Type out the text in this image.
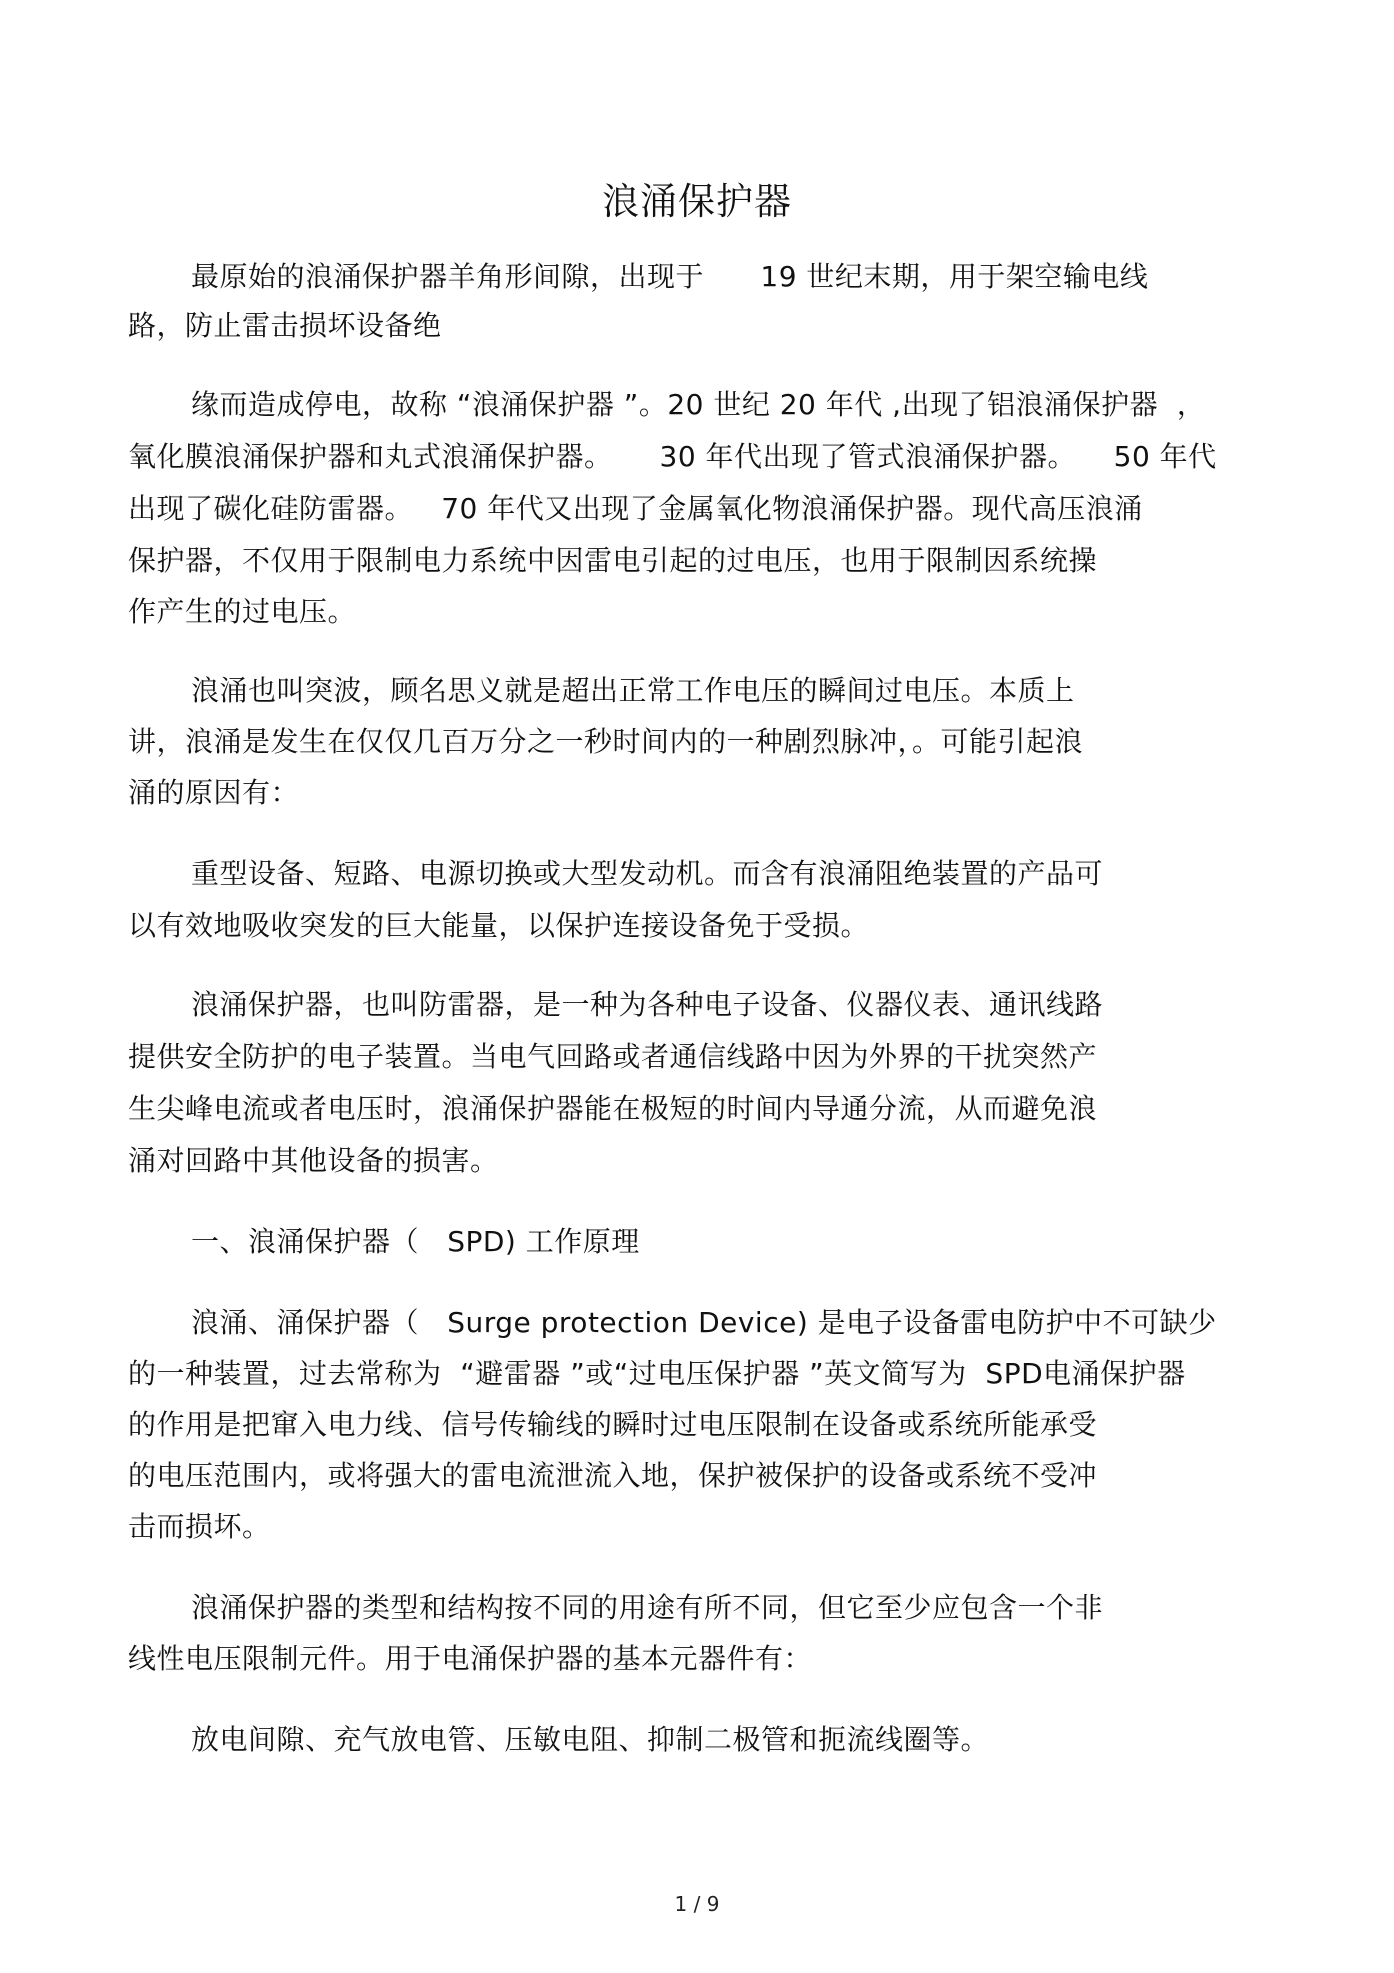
浪涌保护器
最原始的浪涌保护器羊角形间隙，出现于      19 世纪末期，用于架空输电线
路，防止雷击损坏设备绝
缘而造成停电，故称 “浪涌保护器 ”。20 世纪 20 年代 ,出现了铝浪涌保护器  ，
氧化膜浪涌保护器和丸式浪涌保护器。     30 年代出现了管式浪涌保护器。    50 年代
出现了碳化硅防雷器。   70 年代又出现了金属氧化物浪涌保护器。现代高压浪涌
保护器，不仅用于限制电力系统中因雷电引起的过电压，也用于限制因系统操
作产生的过电压。
浪涌也叫突波，顾名思义就是超出正常工作电压的瞬间过电压。本质上
讲，浪涌是发生在仅仅几百万分之一秒时间内的一种剧烈脉冲，。可能引起浪
涌的原因有：
重型设备、短路、电源切换或大型发动机。而含有浪涌阻绝装置的产品可
以有效地吸收突发的巨大能量，以保护连接设备免于受损。
浪涌保护器，也叫防雷器，是一种为各种电子设备、仪器仪表、通讯线路
提供安全防护的电子装置。当电气回路或者通信线路中因为外界的干扰突然产
生尖峰电流或者电压时，浪涌保护器能在极短的时间内导通分流，从而避免浪
涌对回路中其他设备的损害。
一、浪涌保护器（   SPD) 工作原理
浪涌、涌保护器（   Surge protection Device) 是电子设备雷电防护中不可缺少
的一种装置，过去常称为  “避雷器 ”或“过电压保护器 ”英文简写为  SPD电涌保护器
的作用是把窜入电力线、信号传输线的瞬时过电压限制在设备或系统所能承受
的电压范围内，或将强大的雷电流泄流入地，保护被保护的设备或系统不受冲
击而损坏。
浪涌保护器的类型和结构按不同的用途有所不同，但它至少应包含一个非
线性电压限制元件。用于电涌保护器的基本元器件有：
放电间隙、充气放电管、压敏电阻、抑制二极管和扼流线圈等。
1 / 9
